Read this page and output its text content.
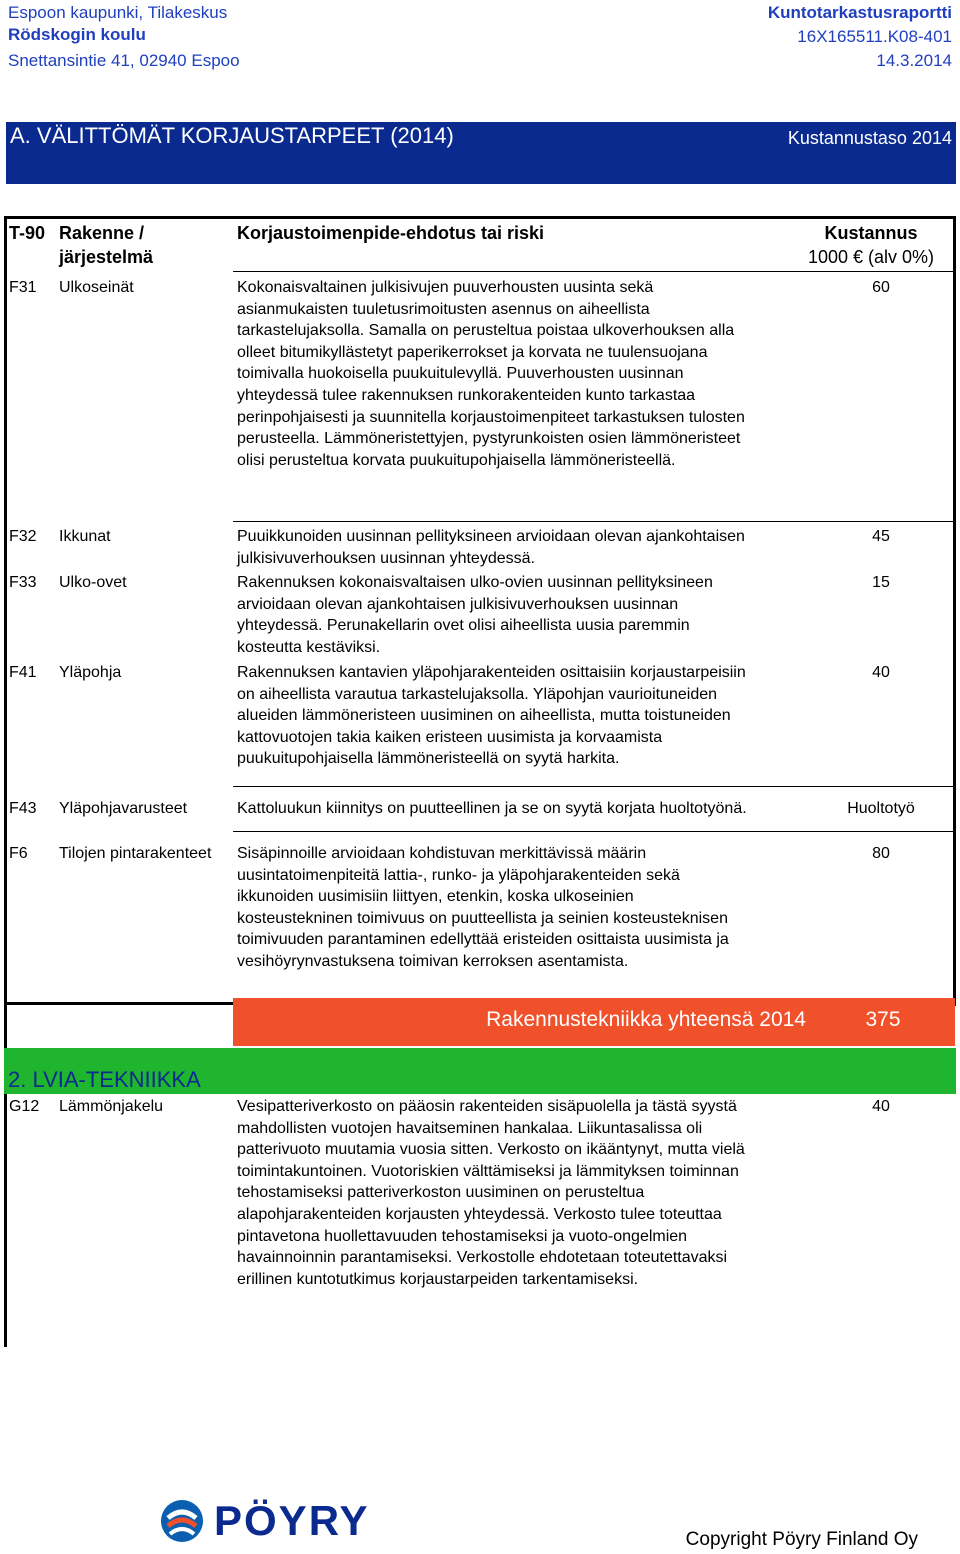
Espoon kaupunki, Tilakeskus
Rödskogin koulu
Snettansintie 41, 02940 Espoo
Kuntotarkastusraportti
16X165511.K08-401
14.3.2014
A. VÄLITTÖMÄT KORJAUSTARPEET (2014)	Kustannustaso 2014
T-90 Rakenne /
järjestelmä
Korjaustoimenpide-ehdotus tai riski	Kustannus
1000 € (alv 0%)
F31 Ulkoseinät	60
Kokonaisvaltainen julkisivujen puuverhousten uusinta sekä
asianmukaisten tuuletusrimoitusten asennus on aiheellista
tarkastelujaksolla. Samalla on perusteltua poistaa ulkoverhouksen alla
olleet bitumikyllästetyt paperikerrokset ja korvata ne tuulensuojana
toimivalla huokoisella puukuitulevyllä. Puuverhousten uusinnan
yhteydessä tulee rakennuksen runkorakenteiden kunto tarkastaa
perinpohjaisesti ja suunnitella korjaustoimenpiteet tarkastuksen tulosten
perusteella. Lämmöneristettyjen, pystyrunkoisten osien lämmöneristeet
olisi perusteltua korvata puukuitupohjaisella lämmöneristeellä.
F32 Ikkunat	45
Puuikkunoiden uusinnan pellityksineen arvioidaan olevan ajankohtaisen
julkisivuverhouksen uusinnan yhteydessä.
F33 Ulko-ovet	15
Rakennuksen kokonaisvaltaisen ulko-ovien uusinnan pellityksineen
arvioidaan olevan ajankohtaisen julkisivuverhouksen uusinnan
yhteydessä. Perunakellarin ovet olisi aiheellista uusia paremmin
kosteutta kestäviksi.
F41 Yläpohja	40
Rakennuksen kantavien yläpohjarakenteiden osittaisiin korjaustarpeisiin
on aiheellista varautua tarkastelujaksolla. Yläpohjan vaurioituneiden
alueiden lämmöneristeen uusiminen on aiheellista, mutta toistuneiden
kattovuotojen takia kaiken eristeen uusimista ja korvaamista
puukuitupohjaisella lämmöneristeellä on syytä harkita.
F43 Yläpohjavarusteet	Huoltotyö
Kattoluukun kiinnitys on puutteellinen ja se on syytä korjata huoltotyönä.
F6 Tilojen pintarakenteet	80
Sisäpinnoille arvioidaan kohdistuvan merkittävissä määrin
uusintatoimenpiteitä lattia-, runko- ja yläpohjarakenteiden sekä
ikkunoiden uusimisiin liittyen, etenkin, koska ulkoseinien
kosteustekninen toimivuus on puutteellista ja seinien kosteusteknisen
toimivuuden parantaminen edellyttää eristeiden osittaista uusimista ja
vesihöyrynvastuksena toimivan kerroksen asentamista.
Rakennustekniikka yhteensä 2014	375
2. LVIA-TEKNIIKKA
G12 Lämmönjakelu	40
Vesipatteriverkosto on pääosin rakenteiden sisäpuolella ja tästä syystä
mahdollisten vuotojen havaitseminen hankalaa. Liikuntasalissa oli
patterivuoto muutamia vuosia sitten. Verkosto on ikääntynyt, mutta vielä
toimintakuntoinen. Vuotoriskien välttämiseksi ja lämmityksen toiminnan
tehostamiseksi patteriverkoston uusiminen on perusteltua
alapohjarakenteiden korjausten yhteydessä. Verkosto tulee toteuttaa
pintavetona huollettavuuden tehostamiseksi ja vuoto-ongelmien
havainnoinnin parantamiseksi. Verkostolle ehdotetaan toteutettavaksi
erillinen kuntotutkimus korjaustarpeiden tarkentamiseksi.
PÖYRY	Copyright Pöyry Finland Oy
